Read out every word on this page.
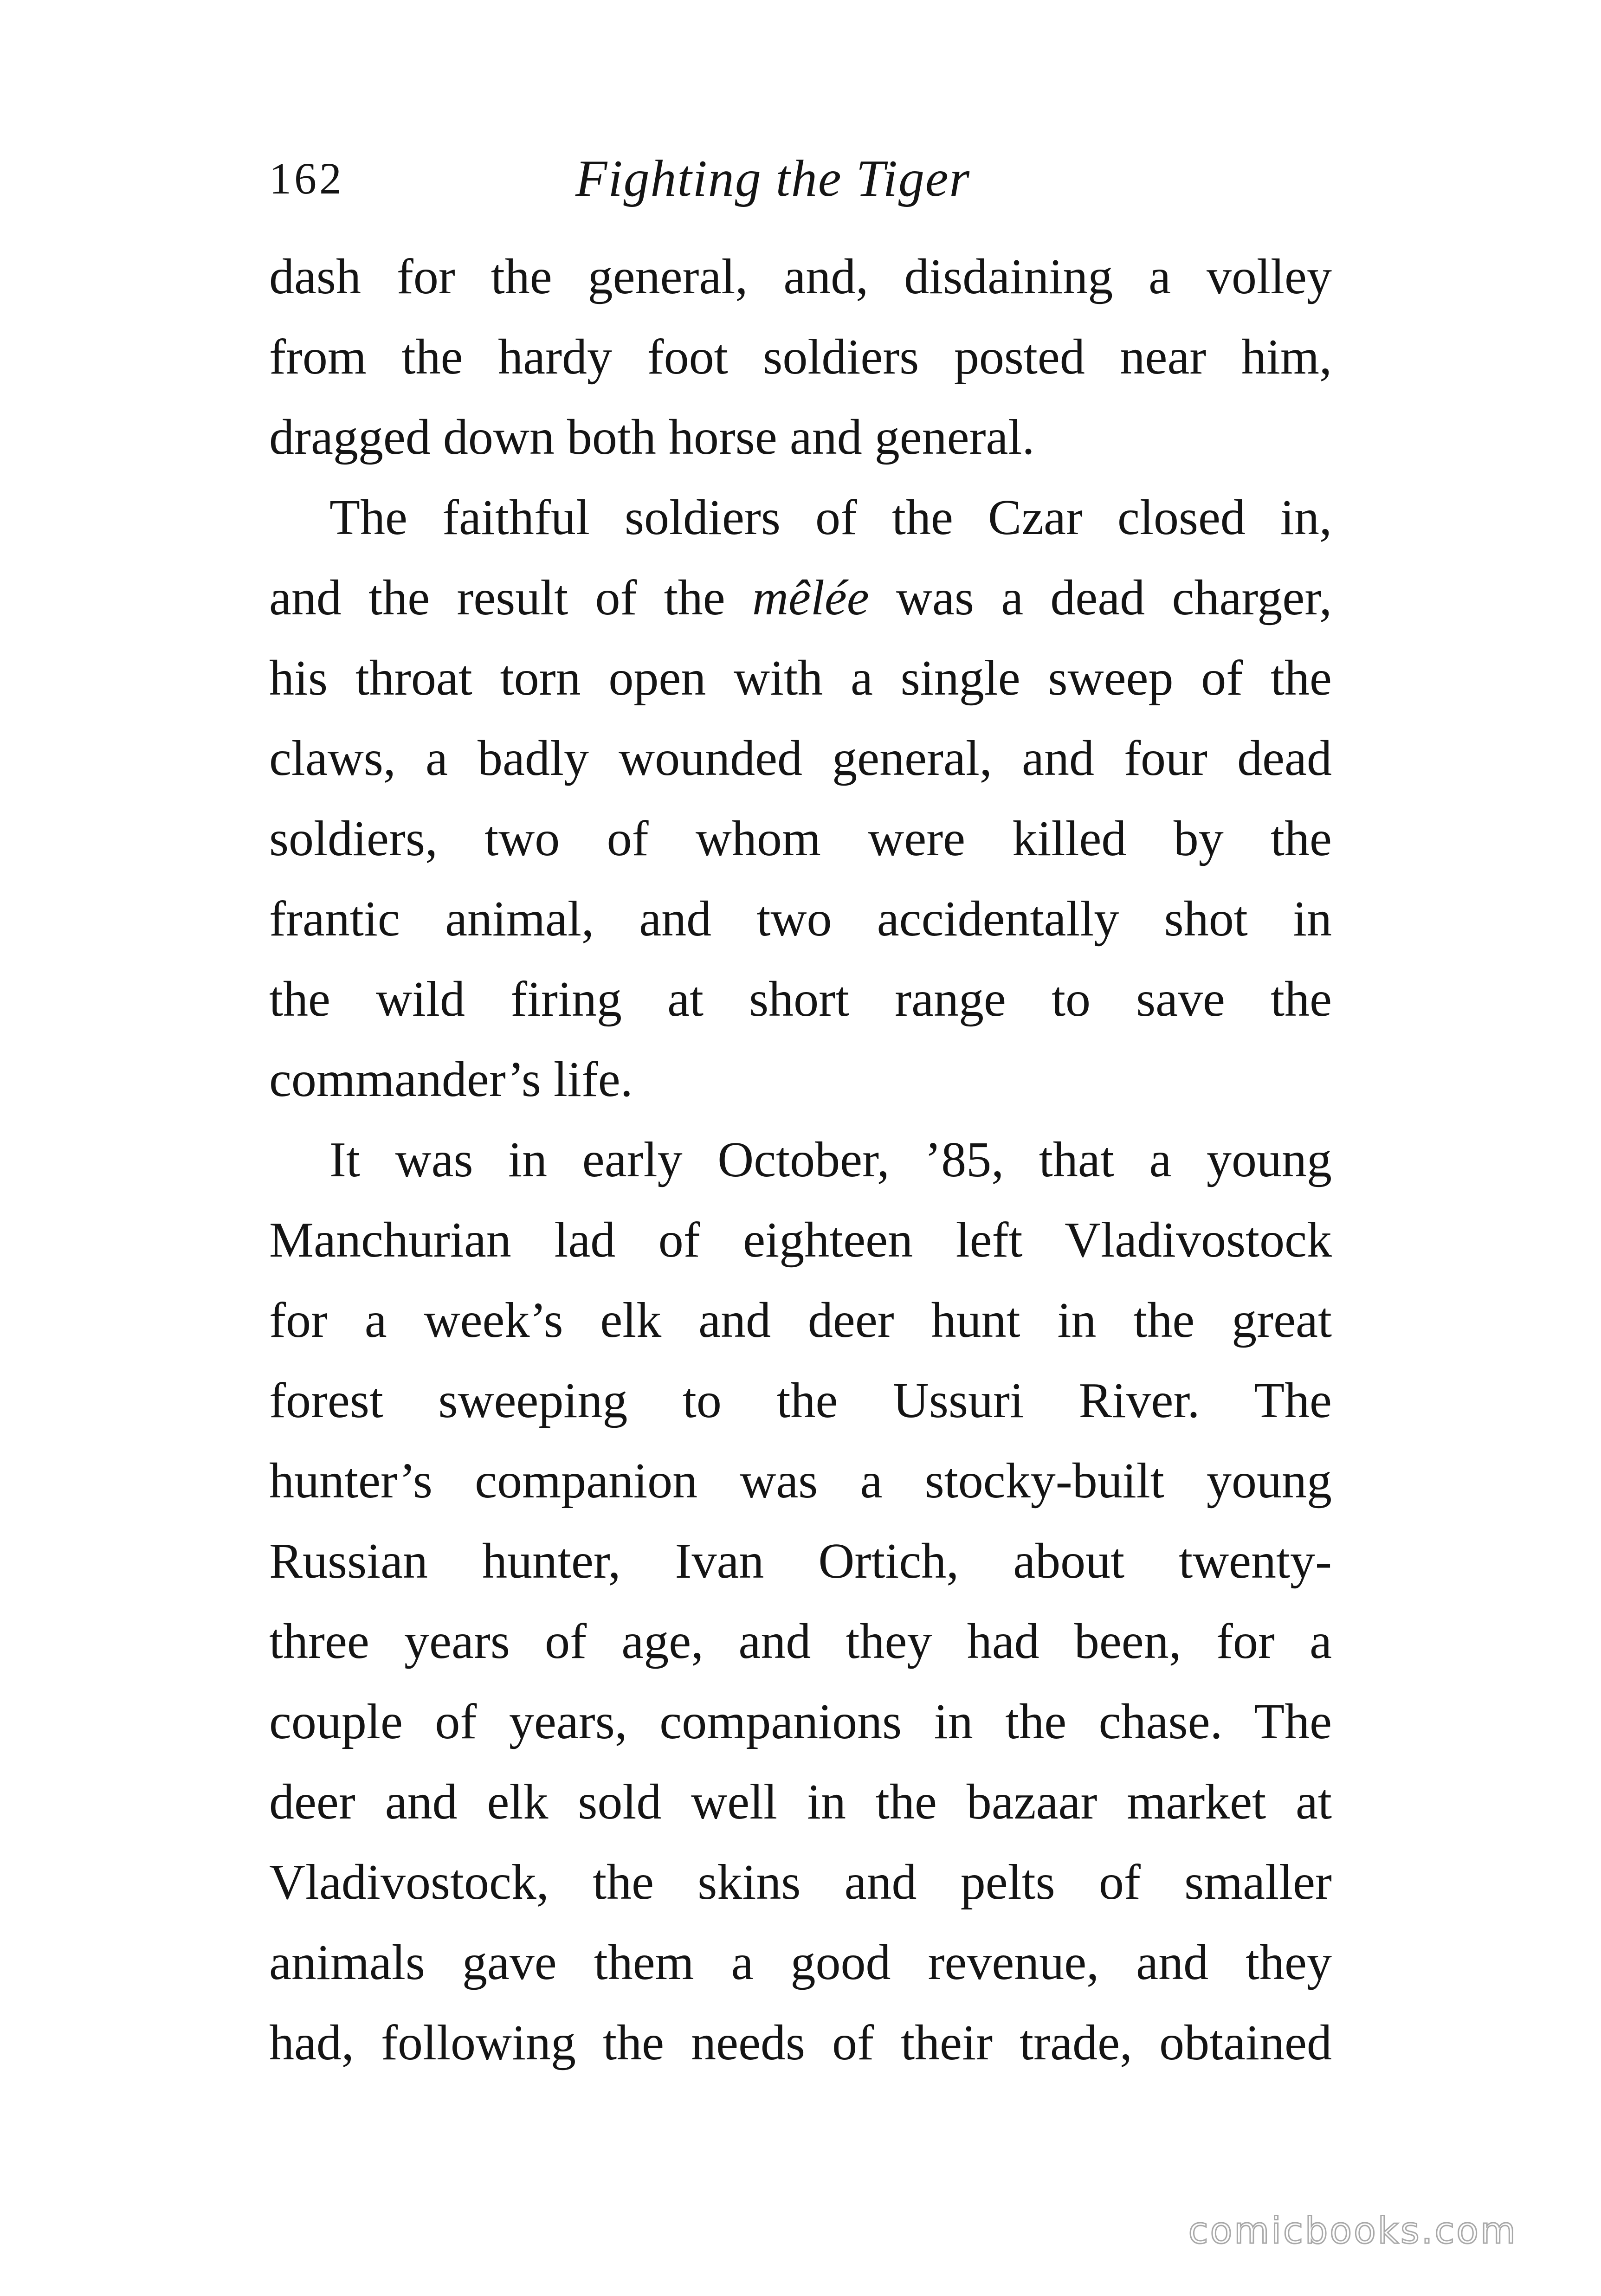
162	Fighting the Tiger
dash for the general, and, disdaining a volley
from the hardy foot soldiers posted near him,
dragged down both horse and general.
The faithful soldiers of the Czar closed in,
and the result of the mêlée was a dead charger,
his throat torn open with a single sweep of the
claws, a badly wounded general, and four dead
soldiers, two of whom were killed by the
frantic animal, and two accidentally shot in
the wild firing at short range to save the
commander’s life.
It was in early October, ’85, that a young
Manchurian lad of eighteen left Vladivostock
for a week’s elk and deer hunt in the great
forest sweeping to the Ussuri River. The
hunter’s companion was a stocky-built young
Russian hunter, Ivan Ortich, about twenty-
three years of age, and they had been, for a
couple of years, companions in the chase. The
deer and elk sold well in the bazaar market at
Vladivostock, the skins and pelts of smaller
animals gave them a good revenue, and they
had, following the needs of their trade, obtained
comicbooks.com
